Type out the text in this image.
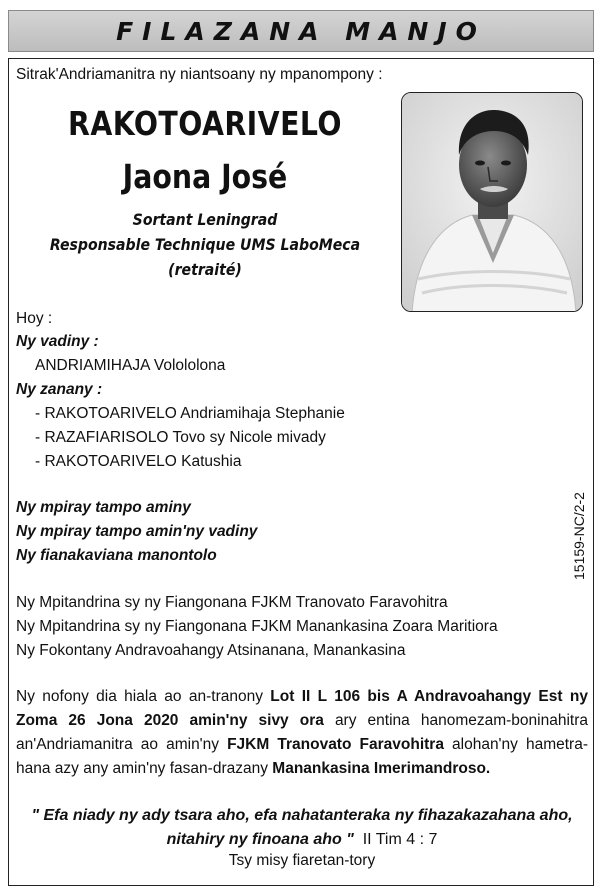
FILAZANA MANJO
Sitrak'Andriamanitra ny niantsoany ny mpanompony :
RAKOTOARIVELO
Jaona José
Sortant Leningrad
Responsable Technique UMS LaboMeca
(retraité)
Hoy :
Ny vadiny :
ANDRIAMIHAJA Volololona
Ny zanany :
- RAKOTOARIVELO Andriamihaja Stephanie
- RAZAFIARISOLO Tovo sy Nicole mivady
- RAKOTOARIVELO Katushia
Ny mpiray tampo aminy
Ny mpiray tampo amin'ny vadiny
Ny fianakaviana manontolo	15159-NC/2-2
Ny Mpitandrina sy ny Fiangonana FJKM Tranovato Faravohitra
Ny Mpitandrina sy ny Fiangonana FJKM Manankasina Zoara Maritiora
Ny Fokontany Andravoahangy Atsinanana, Manankasina
Ny nofony dia hiala ao an-tranony Lot II L 106 bis A Andravoahangy Est ny Zoma 26 Jona 2020 amin'ny sivy ora ary entina hanomezam-boninahitra an'Andriamanitra ao amin'ny FJKM Tranovato Faravohitra alohan'ny hametra-hana azy any amin'ny fasan-drazany Manankasina Imerimandroso.
" Efa niady ny ady tsara aho, efa nahatanteraka ny fihazakazahana aho,
nitahiry ny finoana aho " II Tim 4 : 7
Tsy misy fiaretan-tory
